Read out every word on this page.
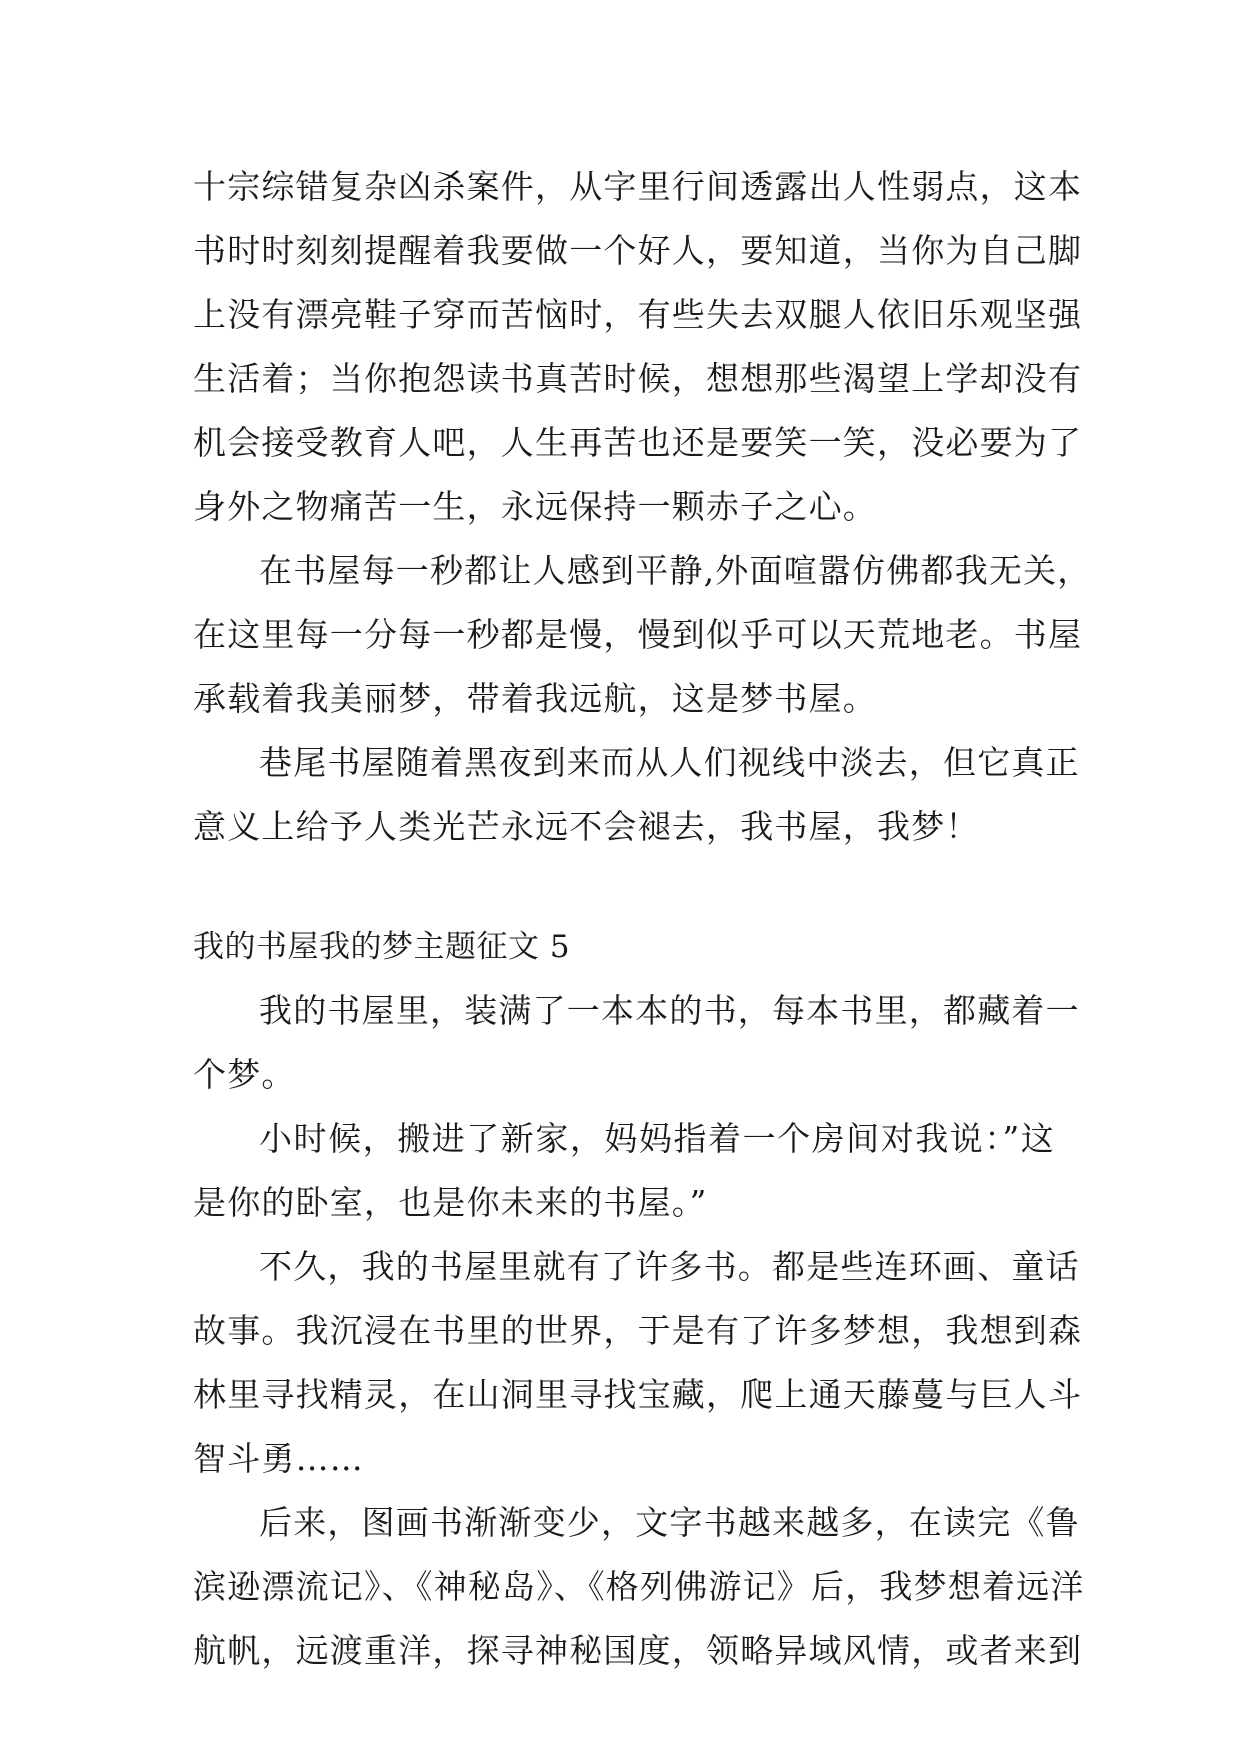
十宗综错复杂凶杀案件，从字里行间透露出人性弱点，这本
书时时刻刻提醒着我要做一个好人，要知道，当你为自己脚
上没有漂亮鞋子穿而苦恼时，有些失去双腿人依旧乐观坚强
生活着；当你抱怨读书真苦时候，想想那些渴望上学却没有
机会接受教育人吧，人生再苦也还是要笑一笑，没必要为了
身外之物痛苦一生，永远保持一颗赤子之心。
在书屋每一秒都让人感到平静,外面喧嚣仿佛都我无关，
在这里每一分每一秒都是慢，慢到似乎可以天荒地老。书屋
承载着我美丽梦，带着我远航，这是梦书屋。
巷尾书屋随着黑夜到来而从人们视线中淡去，但它真正
意义上给予人类光芒永远不会褪去，我书屋，我梦！
我的书屋我的梦主题征文 5
我的书屋里，装满了一本本的书，每本书里，都藏着一
个梦。
小时候，搬进了新家，妈妈指着一个房间对我说：”这
是你的卧室，也是你未来的书屋。”
不久，我的书屋里就有了许多书。都是些连环画、童话
故事。我沉浸在书里的世界，于是有了许多梦想，我想到森
林里寻找精灵，在山洞里寻找宝藏，爬上通天藤蔓与巨人斗
智斗勇……
后来，图画书渐渐变少，文字书越来越多，在读完《鲁
滨逊漂流记》、《神秘岛》、《格列佛游记》后，我梦想着远洋
航帆，远渡重洋，探寻神秘国度，领略异域风情，或者来到
